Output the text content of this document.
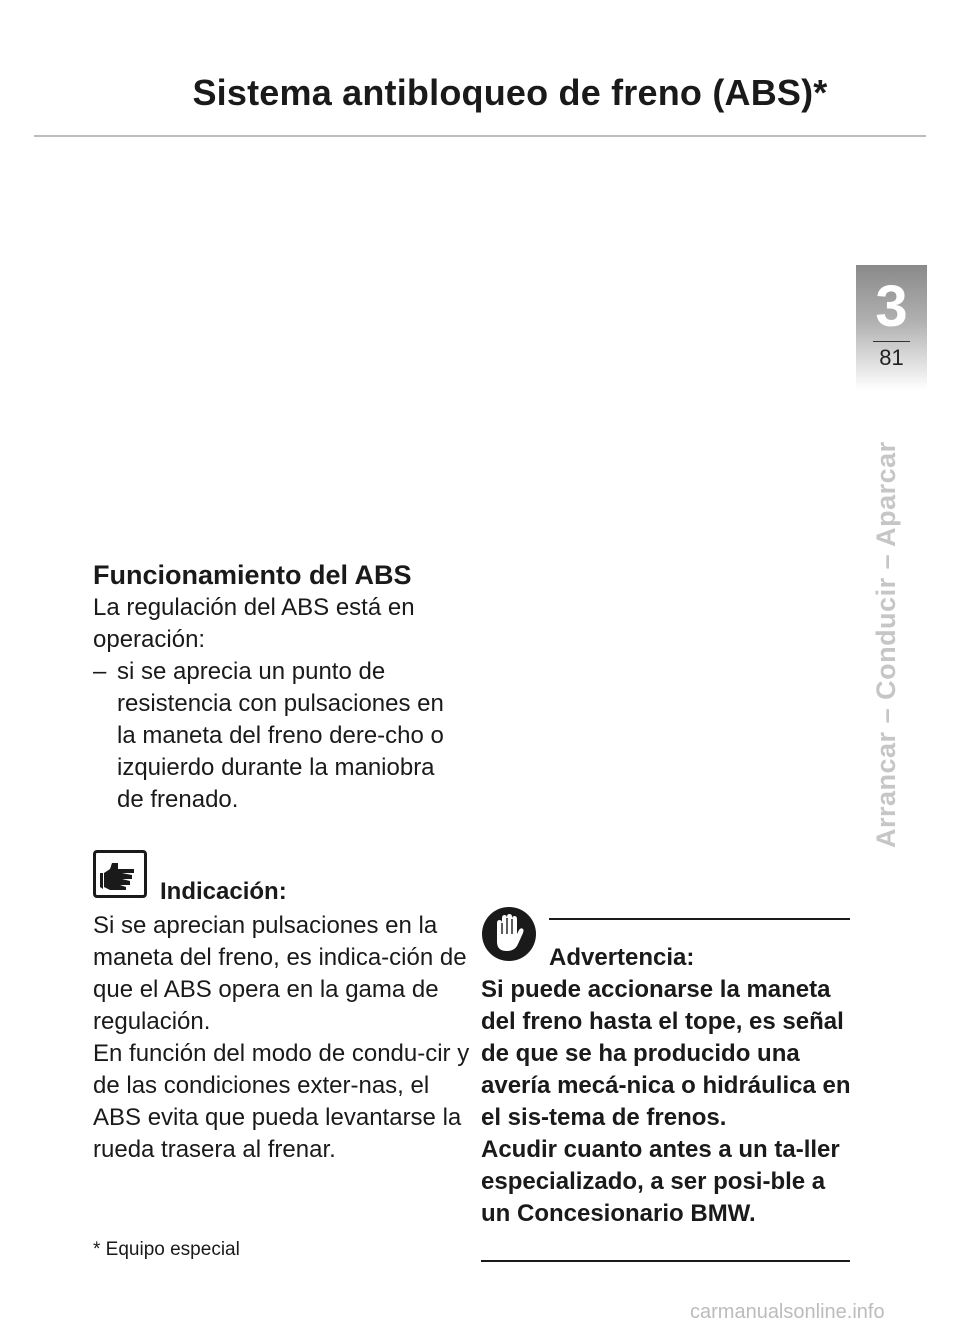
Sistema antibloqueo de freno (ABS)*
3
81
Arrancar – Conducir – Aparcar
Funcionamiento del ABS

La regulación del ABS está en operación:

– si se aprecia un punto de resistencia con pulsaciones en la maneta del freno dere-cho o izquierdo durante la maniobra de frenado.

Indicación:
Si se aprecian pulsaciones en la maneta del freno, es indica-ción de que el ABS opera en la gama de regulación.
En función del modo de condu-cir y de las condiciones exter-nas, el ABS evita que pueda levantarse la rueda trasera al frenar.
Advertencia:
Si puede accionarse la maneta del freno hasta el tope, es señal de que se ha producido una avería mecá-nica o hidráulica en el sis-tema de frenos.
Acudir cuanto antes a un ta-ller especializado, a ser posi-ble a un Concesionario BMW.
* Equipo especial
carmanualsonline.info
